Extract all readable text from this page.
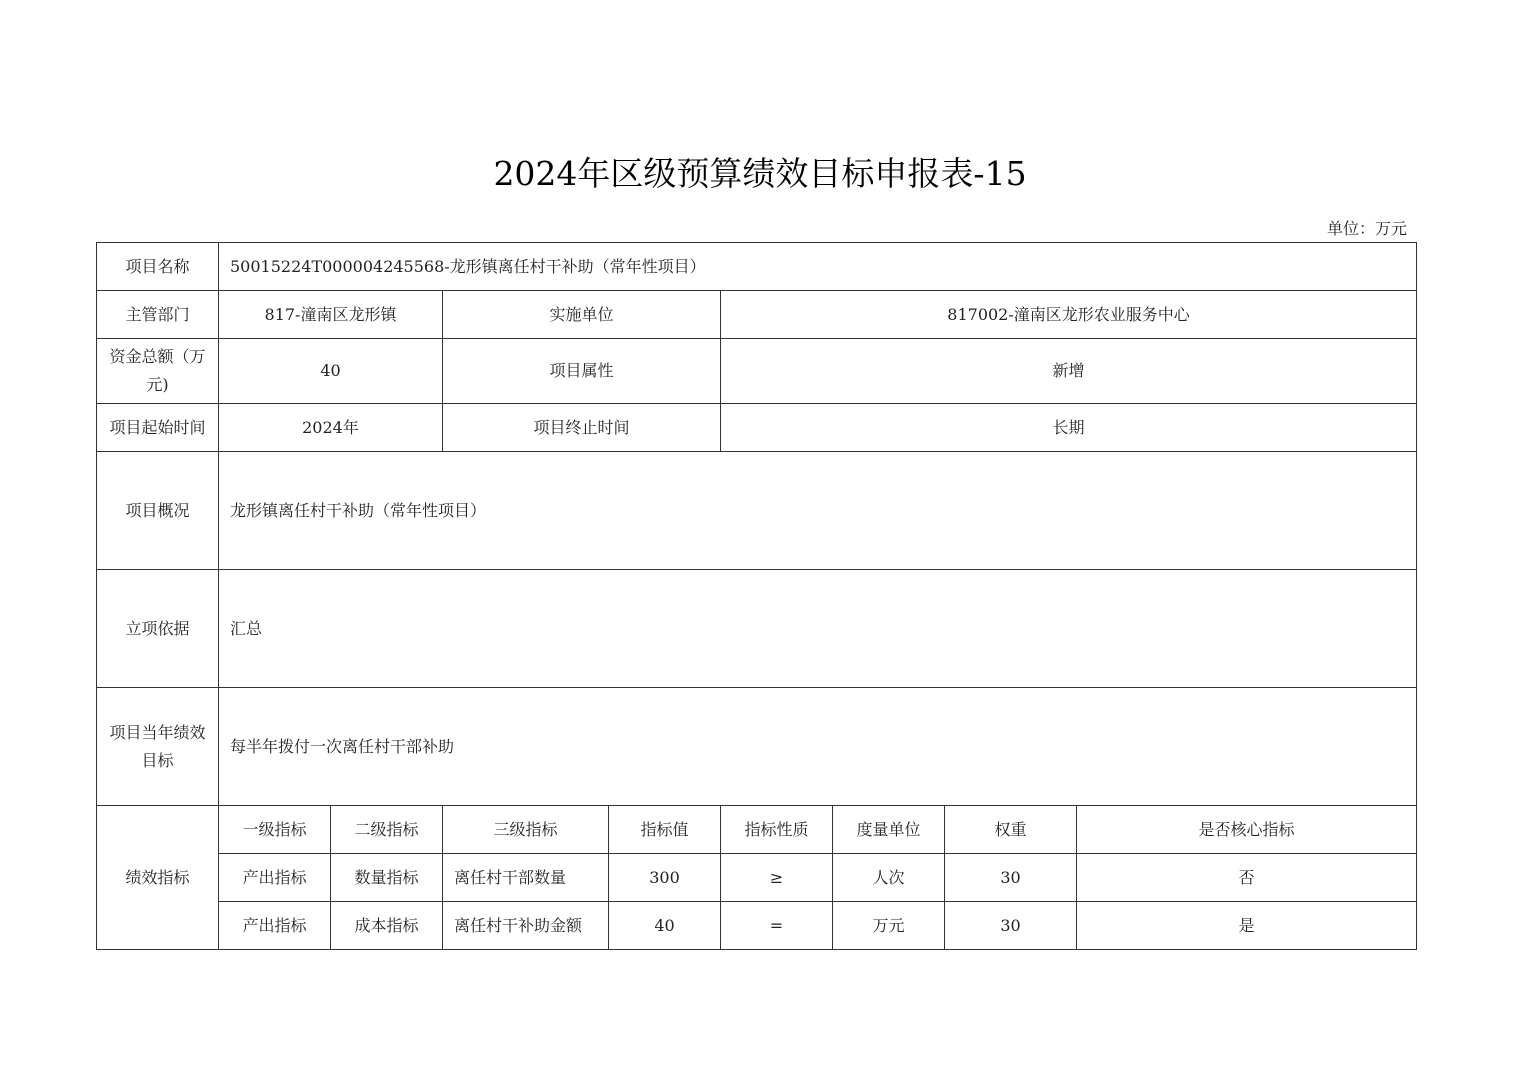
2024年区级预算绩效目标申报表-15
单位：万元
项目名称	50015224T000004245568-龙形镇离任村干补助（常年性项目）							
主管部门	817-潼南区龙形镇		实施单位		817002-潼南区龙形农业服务中心			
资金总额（万元)	40		项目属性		新增			
项目起始时间	2024年		项目终止时间		长期			
项目概况	龙形镇离任村干补助（常年性项目）							
立项依据	汇总							
项目当年绩效目标	每半年拨付一次离任村干部补助							
绩效指标	一级指标	二级指标	三级指标	指标值	指标性质	度量单位	权重	是否核心指标
	产出指标	数量指标	离任村干部数量	300	≥	人次	30	否
	产出指标	成本指标	离任村干补助金额	40	=	万元	30	是
